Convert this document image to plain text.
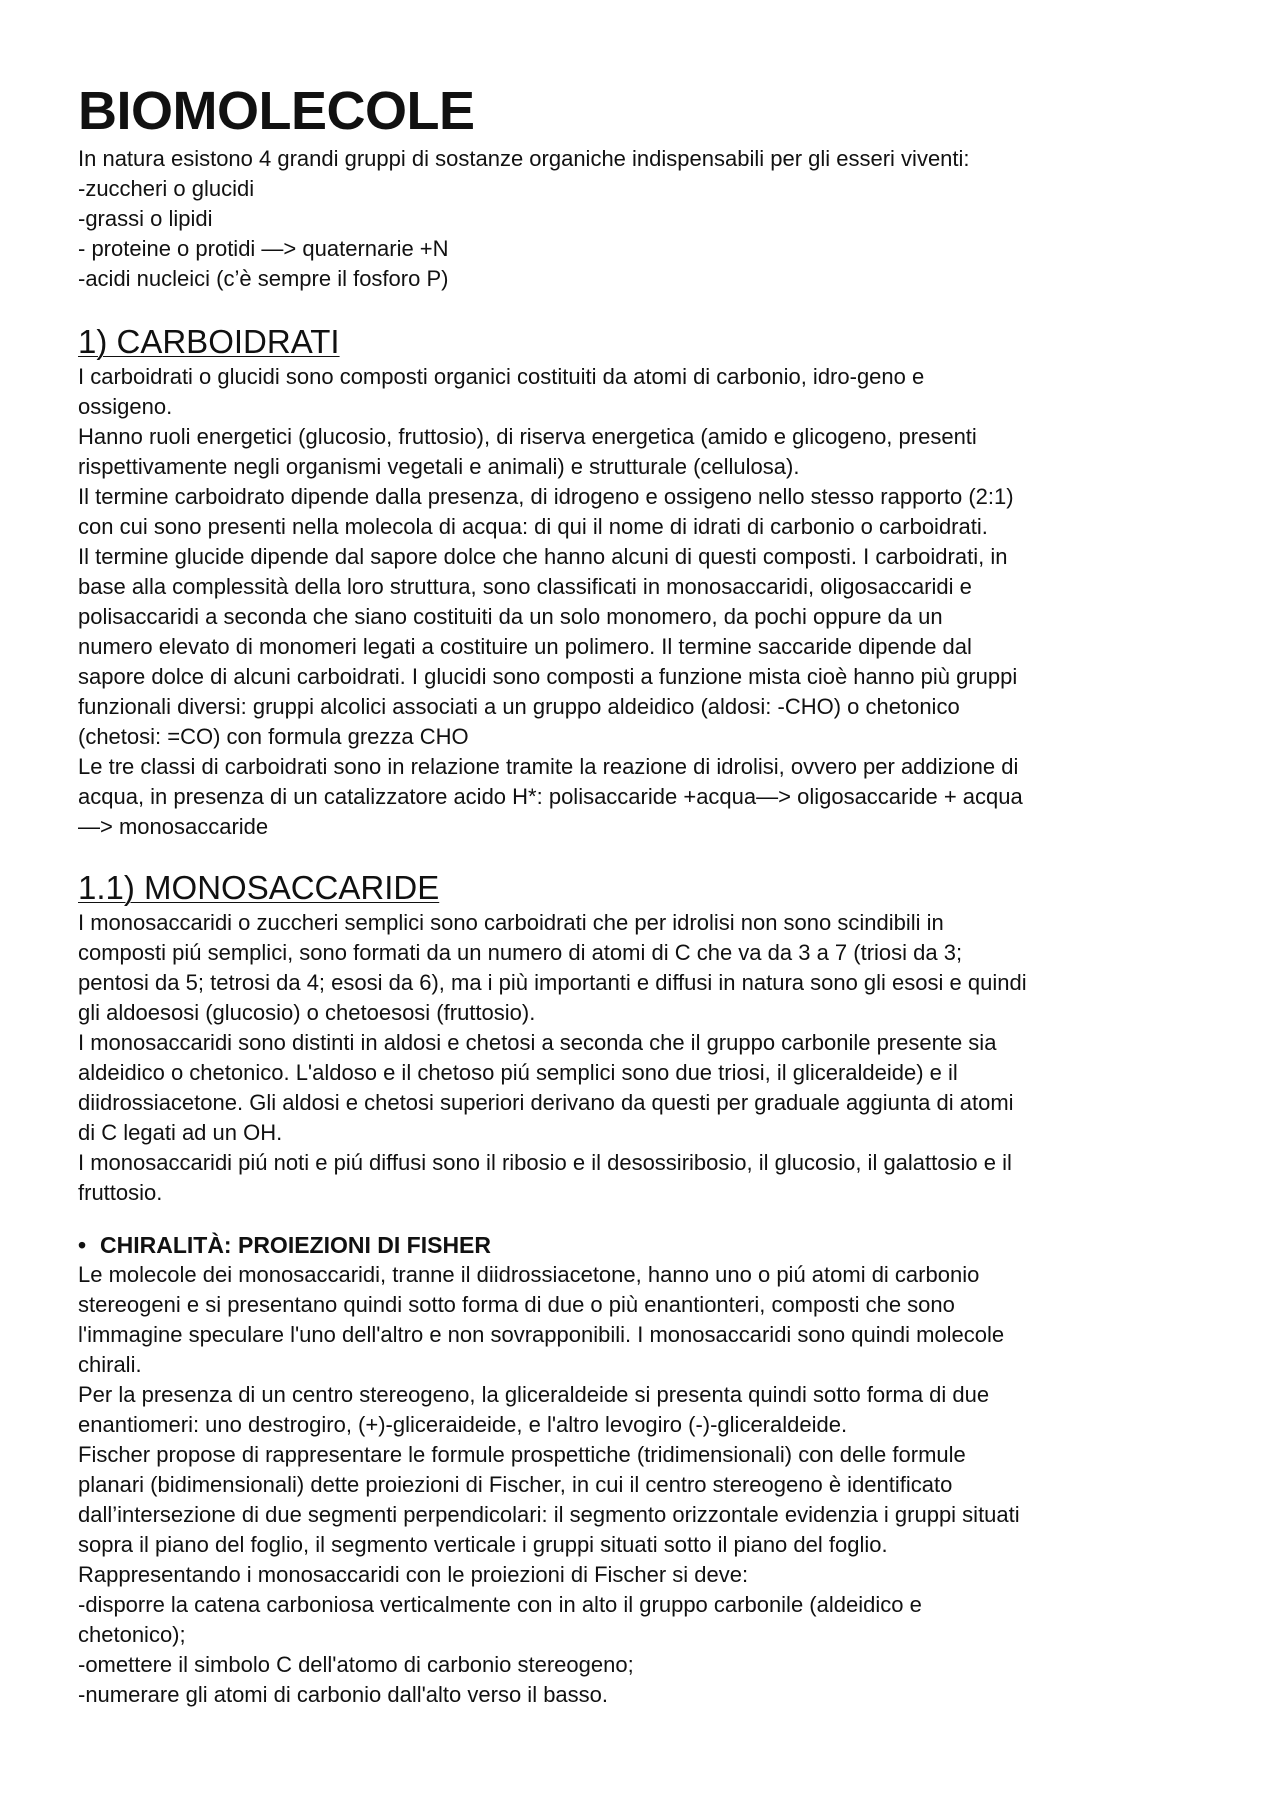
BIOMOLECOLE

In natura esistono 4 grandi gruppi di sostanze organiche indispensabili per gli esseri viventi:
-zuccheri o glucidi
-grassi o lipidi
- proteine o protidi —> quaternarie +N
-acidi nucleici (c’è sempre il fosforo P)

1) CARBOIDRATI

I carboidrati o glucidi sono composti organici costituiti da atomi di carbonio, idro-geno e
ossigeno.
Hanno ruoli energetici (glucosio, fruttosio), di riserva energetica (amido e glicogeno, presenti
rispettivamente negli organismi vegetali e animali) e strutturale (cellulosa).
Il termine carboidrato dipende dalla presenza, di idrogeno e ossigeno nello stesso rapporto (2:1)
con cui sono presenti nella molecola di acqua: di qui il nome di idrati di carbonio o carboidrati.
Il termine glucide dipende dal sapore dolce che hanno alcuni di questi composti. I carboidrati, in
base alla complessità della loro struttura, sono classificati in monosaccaridi, oligosaccaridi e
polisaccaridi a seconda che siano costituiti da un solo monomero, da pochi oppure da un
numero elevato di monomeri legati a costituire un polimero. Il termine saccaride dipende dal
sapore dolce di alcuni carboidrati. I glucidi sono composti a funzione mista cioè hanno più gruppi
funzionali diversi: gruppi alcolici associati a un gruppo aldeidico (aldosi: -CHO) o chetonico
(chetosi: =CO) con formula grezza CHO
Le tre classi di carboidrati sono in relazione tramite la reazione di idrolisi, ovvero per addizione di
acqua, in presenza di un catalizzatore acido H*: polisaccaride +acqua—> oligosaccaride + acqua
—> monosaccaride

1.1) MONOSACCARIDE

I monosaccaridi o zuccheri semplici sono carboidrati che per idrolisi non sono scindibili in
composti piú semplici, sono formati da un numero di atomi di C che va da 3 a 7 (triosi da 3;
pentosi da 5; tetrosi da 4; esosi da 6), ma i più importanti e diffusi in natura sono gli esosi e quindi
gli aldoesosi (glucosio) o chetoesosi (fruttosio).
I monosaccaridi sono distinti in aldosi e chetosi a seconda che il gruppo carbonile presente sia
aldeidico o chetonico. L'aldoso e il chetoso piú semplici sono due triosi, il gliceraldeide) e il
diidrossiacetone. Gli aldosi e chetosi superiori derivano da questi per graduale aggiunta di atomi
di C legati ad un OH.
I monosaccaridi piú noti e piú diffusi sono il ribosio e il desossiribosio, il glucosio, il galattosio e il
fruttosio.

• CHIRALITÀ: PROIEZIONI DI FISHER

Le molecole dei monosaccaridi, tranne il diidrossiacetone, hanno uno o piú atomi di carbonio
stereogeni e si presentano quindi sotto forma di due o più enantionteri, composti che sono
l'immagine speculare l'uno dell'altro e non sovrapponibili. I monosaccaridi sono quindi molecole
chirali.
Per la presenza di un centro stereogeno, la gliceraldeide si presenta quindi sotto forma di due
enantiomeri: uno destrogiro, (+)-gliceraideide, e l'altro levogiro (-)-gliceraldeide.
Fischer propose di rappresentare le formule prospettiche (tridimensionali) con delle formule
planari (bidimensionali) dette proiezioni di Fischer, in cui il centro stereogeno è identificato
dall’intersezione di due segmenti perpendicolari: il segmento orizzontale evidenzia i gruppi situati
sopra il piano del foglio, il segmento verticale i gruppi situati sotto il piano del foglio.
Rappresentando i monosaccaridi con le proiezioni di Fischer si deve:
-disporre la catena carboniosa verticalmente con in alto il gruppo carbonile (aldeidico e
chetonico);
-omettere il simbolo C dell'atomo di carbonio stereogeno;
-numerare gli atomi di carbonio dall'alto verso il basso.
